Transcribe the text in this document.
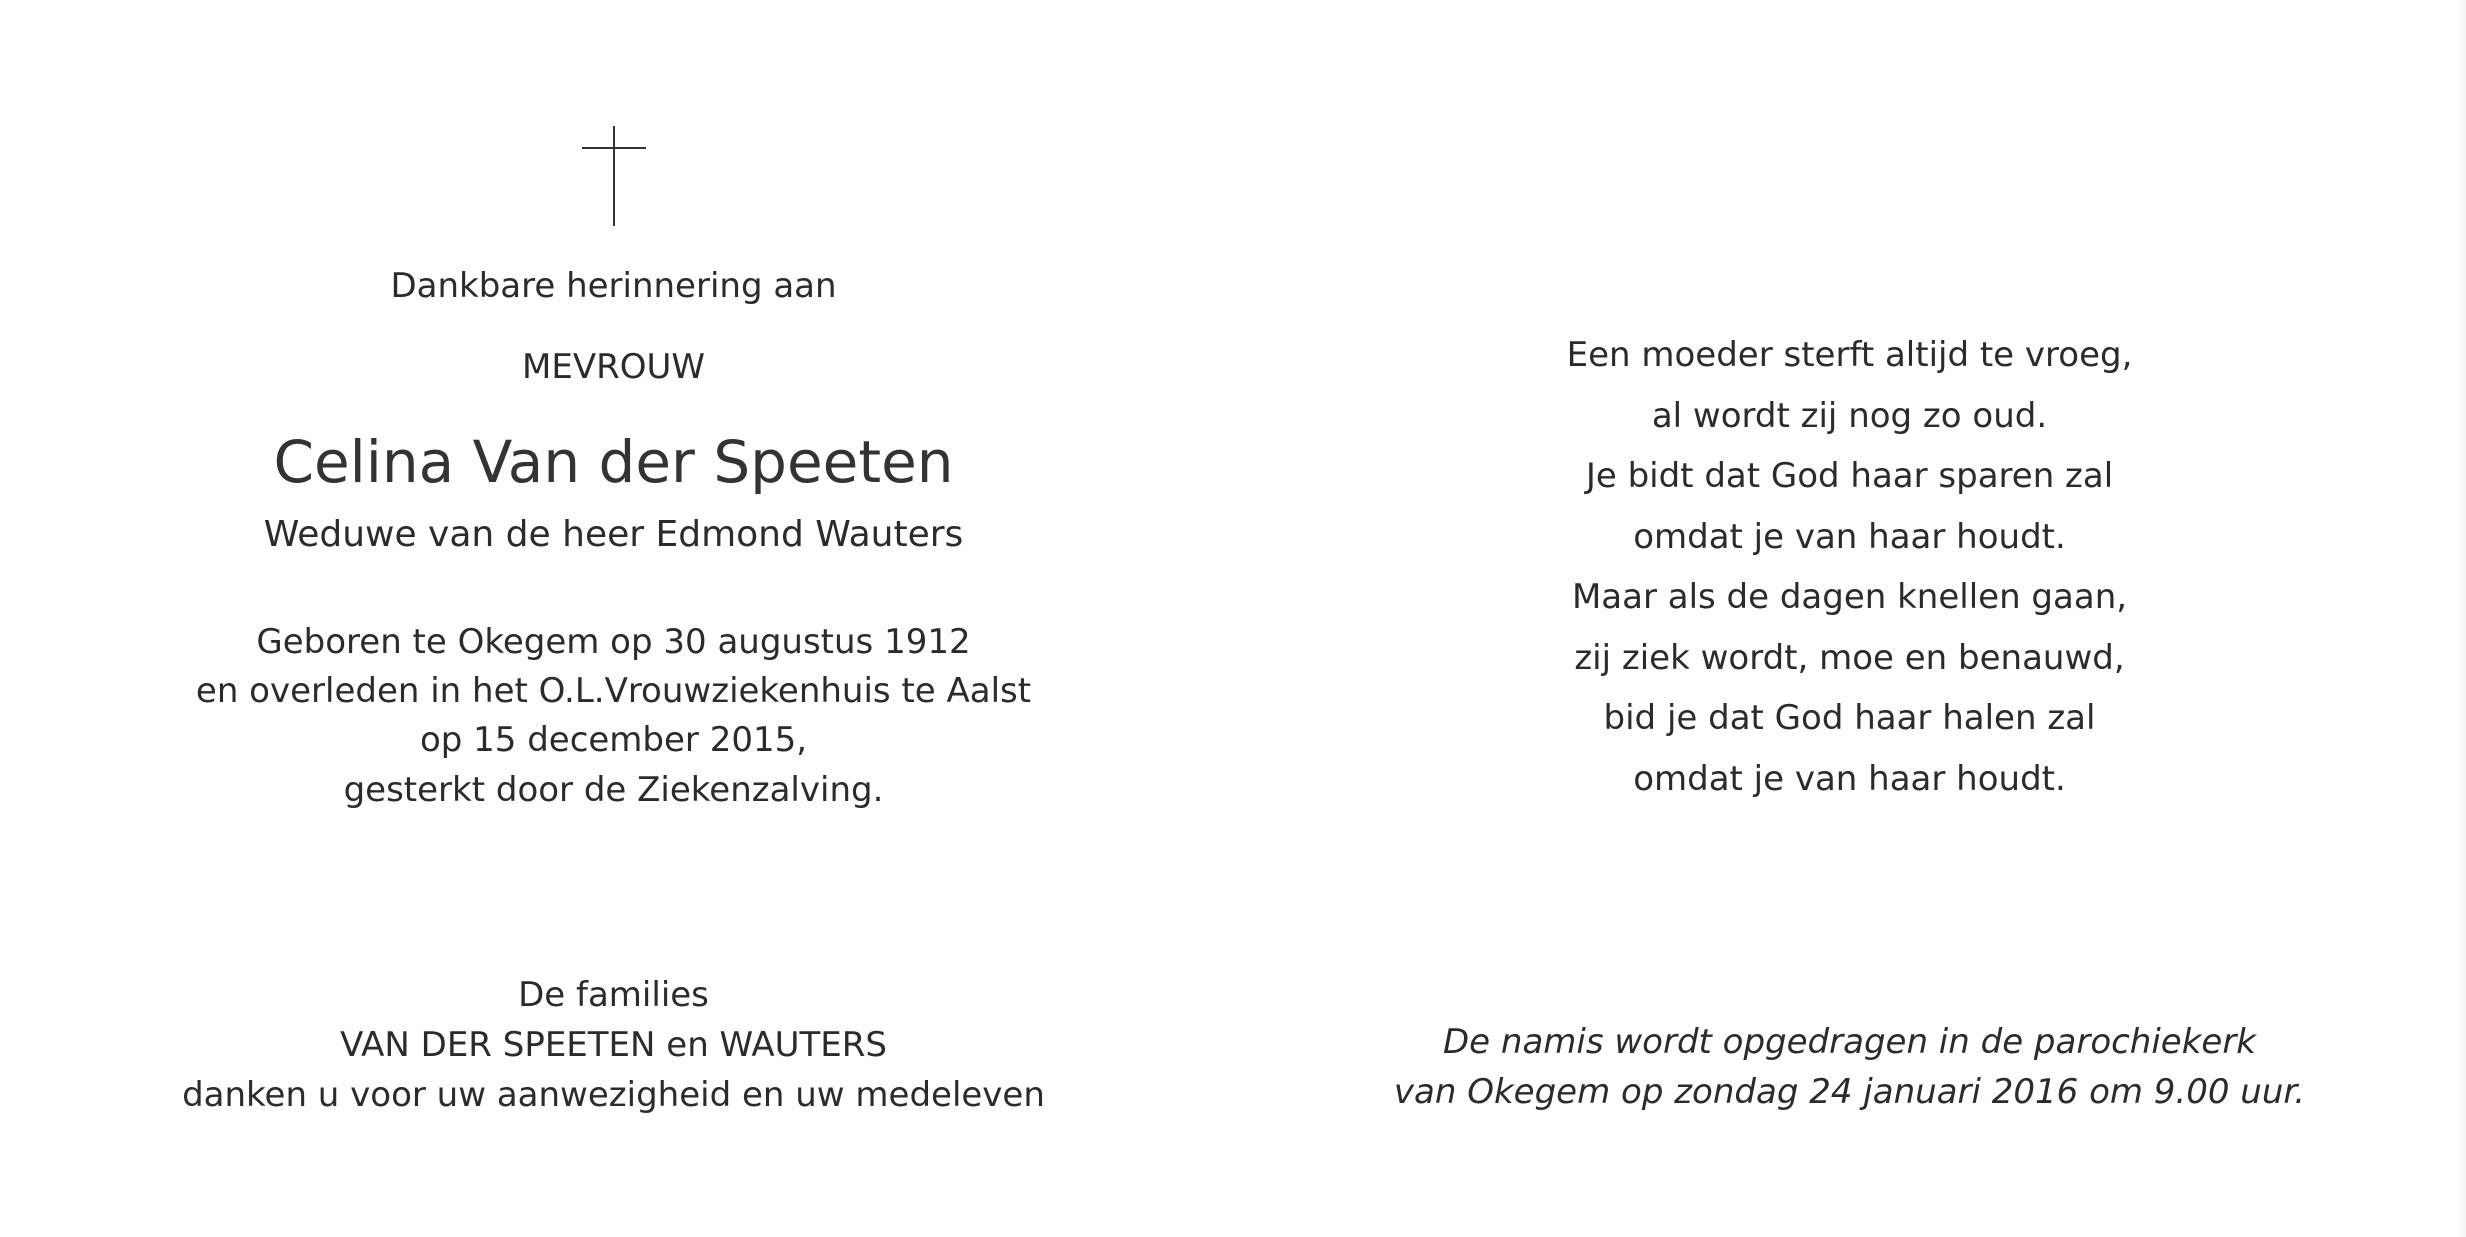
Dankbare herinnering aan
MEVROUW
Celina Van der Speeten
Weduwe van de heer Edmond Wauters
Geboren te Okegem op 30 augustus 1912
en overleden in het O.L.Vrouwziekenhuis te Aalst
op 15 december 2015,
gesterkt door de Ziekenzalving.
De families
VAN DER SPEETEN en WAUTERS
danken u voor uw aanwezigheid en uw medeleven
Een moeder sterft altijd te vroeg,
al wordt zij nog zo oud.
Je bidt dat God haar sparen zal
omdat je van haar houdt.
Maar als de dagen knellen gaan,
zij ziek wordt, moe en benauwd,
bid je dat God haar halen zal
omdat je van haar houdt.
De namis wordt opgedragen in de parochiekerk
van Okegem op zondag 24 januari 2016 om 9.00 uur.
